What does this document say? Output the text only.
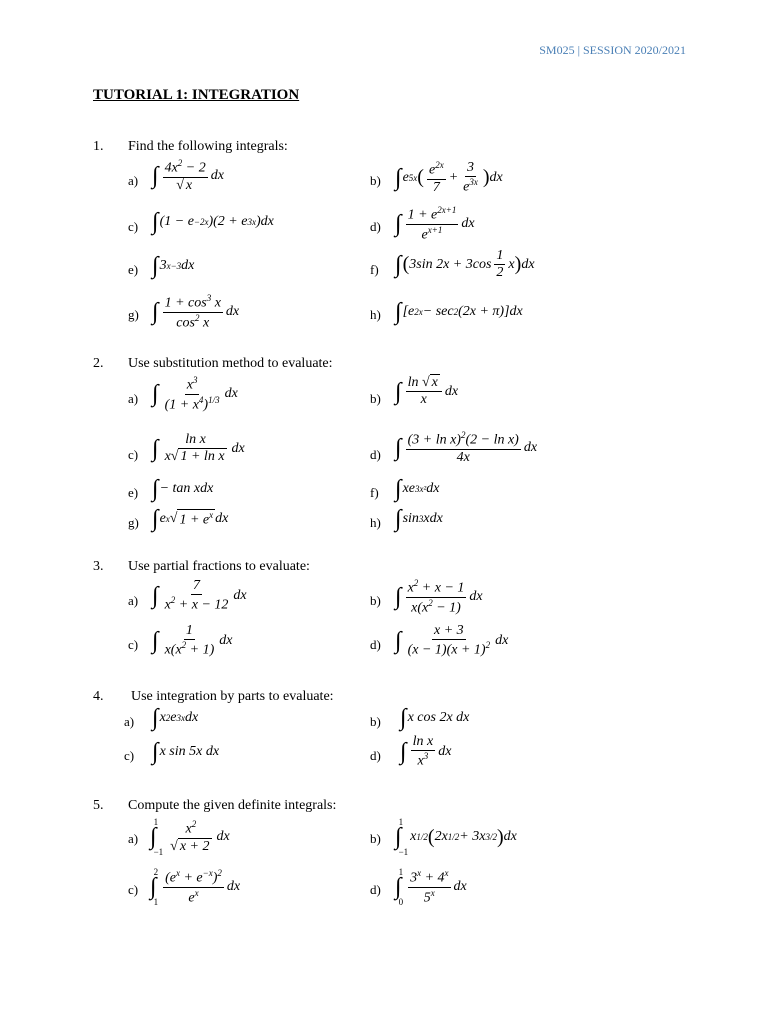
SM025 | SESSION 2020/2021
TUTORIAL 1: INTEGRATION
1. Find the following integrals:
a) ∫ $4x^2 - 2$
√ x
dx	b) ∫ e 5x ( $e^{2x}$
7
+
3
$e^{3x}$ ) dx
c) ∫ (1 − e −2x )(2 + e 3x )dx	d) ∫ $1 + e^{2x+1}$
$e^{x+1}$ dx
e) ∫ 3 x−3 dx	f) ∫ ( 3sin 2x + 3cos
1
2
x ) dx
g) ∫ $1 + \cos^3 x$
$\cos^2 x$
dx	h) ∫ [e 2x − sec 2 (2x + π)]dx
2. Use substitution method to evaluate:
a) ∫ $x^3$
$(1 + x^4)^{1/3}$ dx	b) ∫ ln √ x
x
dx
c) ∫ ln x
x√ 1 + ln x
dx	d) ∫ $(3 + \ln x)^2(2 - \ln x)$
4x
dx
e) ∫ − tan xdx	f) ∫ xe 3x² dx
g) ∫ e x √ $1 + e^x$ dx	h) ∫ sin 3 xdx
3. Use partial fractions to evaluate:
a) ∫ 7
$x^2 + x - 12$
dx	b) ∫ $x^2 + x - 1$
$x(x^2 - 1)$
dx
c) ∫ 1
$x(x^2 + 1)$
dx	d) ∫ x + 3
$(x - 1)(x + 1)^2$ dx
4. Use integration by parts to evaluate:
a) ∫ x 2 e 3x dx	b) ∫ x cos 2x dx
c) ∫ x sin 5x dx	d) ∫ ln x
$x^3$ dx
5. Compute the given definite integrals:
a) ∫
1
−1
$x^2$
√ x + 2
dx	b) ∫
1
−1
x 1/2 ( 2x 1/2 + 3x 3/2 ) dx
c) ∫
2
1
$(e^x + e^{-x})^2$
$e^x$ dx	d) ∫
1
0
$3^x + 4^x$
5$^x$ dx
